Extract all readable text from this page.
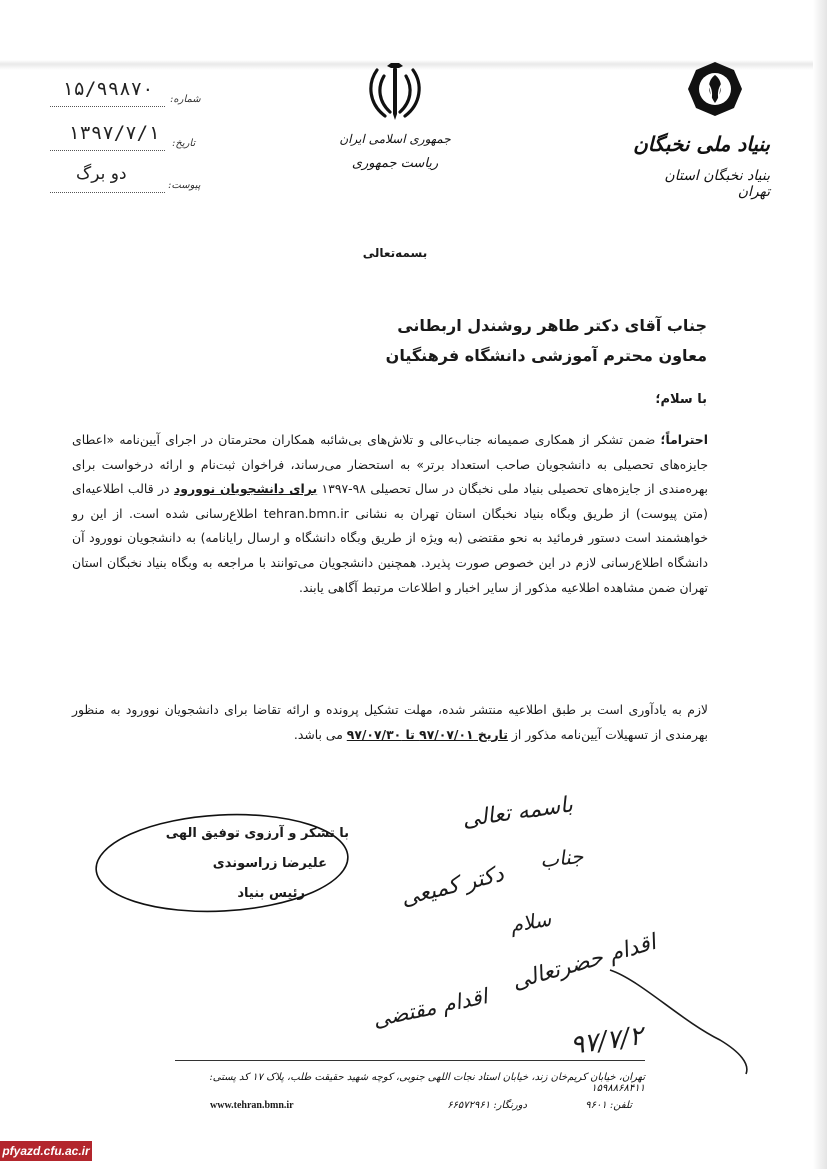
۱۵/۹۹۸۷۰ شماره:
۱۳۹۷/۷/۱ تاریخ:
دو برگ
پیوست:
جمهوری اسلامی ایران
ریاست جمهوری
بنیاد ملی نخبگان
بنیاد نخبگان استان تهران
بسمه‌تعالی
جناب آقای دکتر طاهر روشندل اربطانی
معاون محترم آموزشی دانشگاه فرهنگیان
با سلام؛
احتراماً؛ ضمن تشکر از همکاری صمیمانه جناب‌عالی و تلاش‌های بی‌شائبه همکاران محترمتان در اجرای آیین‌نامه «اعطای جایزه‌های تحصیلی به دانشجویان صاحب استعداد برتر» به استحضار می‌رساند، فراخوان ثبت‌نام و ارائه درخواست برای بهره‌مندی از جایزه‌های تحصیلی بنیاد ملی نخبگان در سال تحصیلی ۹۸-۱۳۹۷ برای دانشجویان نوورود در قالب اطلاعیه‌ای (متن پیوست) از طریق وبگاه بنیاد نخبگان استان تهران به نشانی tehran.bmn.ir اطلاع‌رسانی شده است. از این رو خواهشمند است دستور فرمائید به نحو مقتضی (به ویژه از طریق وبگاه دانشگاه و ارسال رایانامه) به دانشجویان نوورود آن دانشگاه اطلاع‌رسانی لازم در این خصوص صورت پذیرد. همچنین دانشجویان می‌توانند با مراجعه به وبگاه بنیاد نخبگان استان تهران ضمن مشاهده اطلاعیه مذکور از سایر اخبار و اطلاعات مرتبط آگاهی یابند.
لازم به یادآوری است بر طبق اطلاعیه منتشر شده، مهلت تشکیل پرونده و ارائه تقاضا برای دانشجویان نوورود به منظور بهرمندی از تسهیلات آیین‌نامه مذکور از تاریخ ۹۷/۰۷/۰۱ تا ۹۷/۰۷/۳۰ می باشد.
با تشکر و آرزوی توفیق الهی
علیرضا زراسوندی
رئیس بنیاد
باسمه تعالی
جناب
دکتر کمیعی
سلام
اقدام حضرتعالی
اقدام مقتضی
۹۷/۷/۲
تهران، خیابان کریم‌خان زند، خیابان استاد نجات اللهی جنوبی، کوچه شهید حقیقت طلب، پلاک ۱۷ کد پستی: ۱۵۹۸۸۶۸۴۱۱
تلفن: ۹۶۰۱
دورنگار: ۶۶۵۷۲۹۶۱
www.tehran.bmn.ir
pfyazd.cfu.ac.ir
